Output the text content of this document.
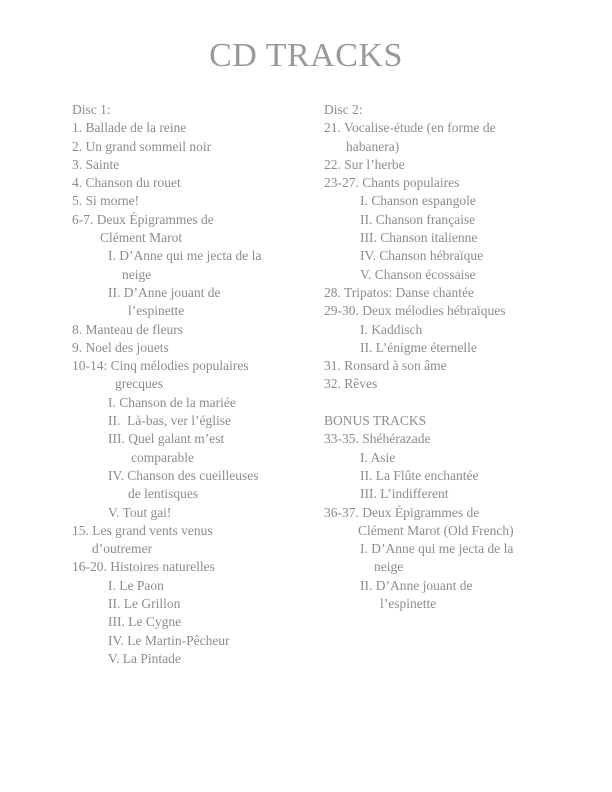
CD TRACKS
Disc 1:
1. Ballade de la reine
2. Un grand sommeil noir
3. Sainte
4. Chanson du rouet
5. Si morne!
6-7. Deux Épigrammes de
Clément Marot
I. D’Anne qui me jecta de la
neige
II. D’Anne jouant de
l’espinette
8. Manteau de fleurs
9. Noel des jouets
10-14: Cinq mélodies populaires
grecques
I. Chanson de la mariée
II.  Là-bas, ver l’église
III. Quel galant m’est
comparable
IV. Chanson des cueilleuses
de lentisques
V. Tout gai!
15. Les grand vents venus
d’outremer
16-20. Histoires naturelles
I. Le Paon
II. Le Grillon
III. Le Cygne
IV. Le Martin-Pêcheur
V. La Pintade
Disc 2:
21. Vocalise-étude (en forme de
habanera)
22. Sur l’herbe
23-27. Chants populaires
I. Chanson espangole
II. Chanson française
III. Chanson italienne
IV. Chanson hébraïque
V. Chanson écossaise
28. Tripatos: Danse chantée
29-30. Deux mélodies hébraïques
I. Kaddisch
II. L’énigme éternelle
31. Ronsard à son âme
32. Rêves
BONUS TRACKS
33-35. Shéhérazade
I. Asie
II. La Flûte enchantée
III. L’indifferent
36-37. Deux Épigrammes de
Clément Marot (Old French)
I. D’Anne qui me jecta de la
neige
II. D’Anne jouant de
l’espinette
